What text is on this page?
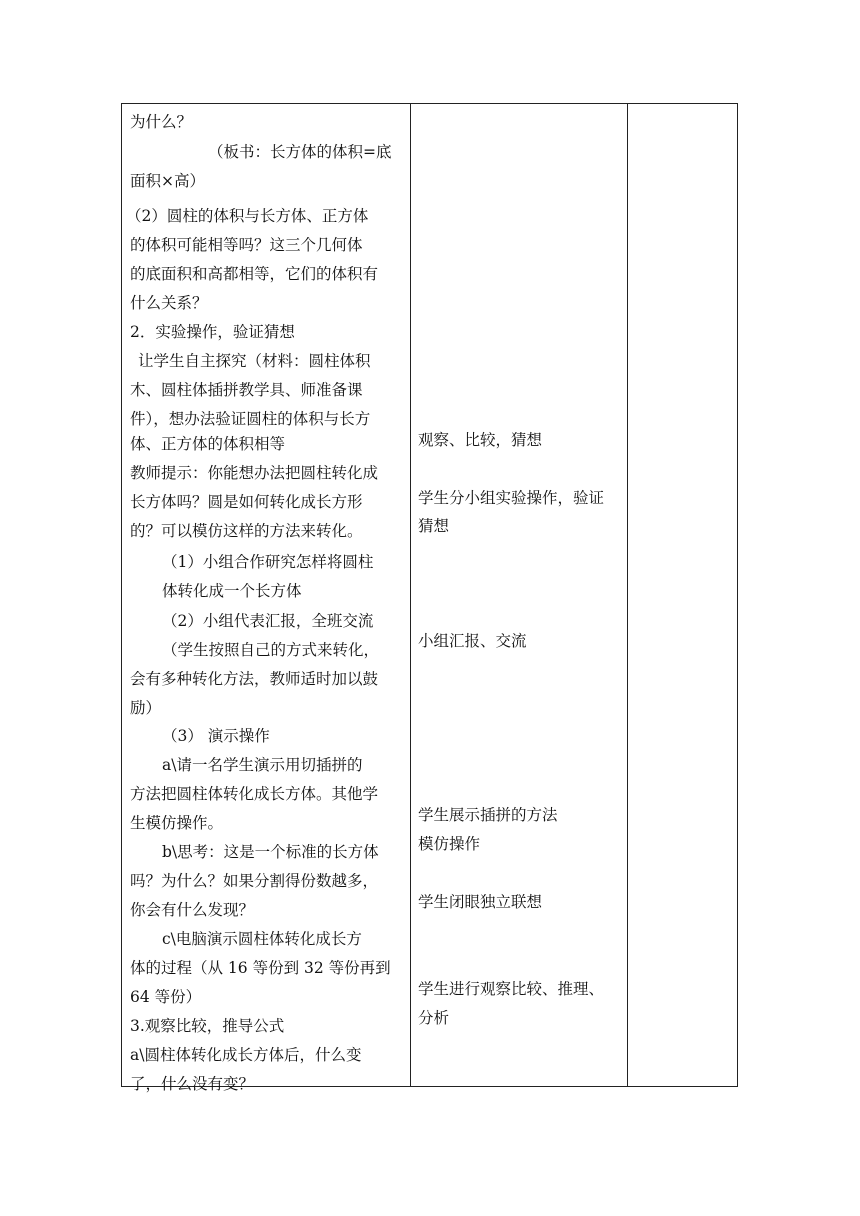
为什么？
（板书：长方体的体积=底
面积×高）
（2）圆柱的体积与长方体、正方体
的体积可能相等吗？这三个几何体
的底面积和高都相等，它们的体积有
什么关系？
2．实验操作，验证猜想
让学生自主探究（材料：圆柱体积
木、圆柱体插拼教学具、师准备课
件），想办法验证圆柱的体积与长方
体、正方体的体积相等
教师提示：你能想办法把圆柱转化成
长方体吗？圆是如何转化成长方形
的？可以模仿这样的方法来转化。
（1）小组合作研究怎样将圆柱
体转化成一个长方体
（2）小组代表汇报，全班交流
（学生按照自己的方式来转化，
会有多种转化方法，教师适时加以鼓
励）
（3） 演示操作
a\请一名学生演示用切插拼的
方法把圆柱体转化成长方体。其他学
生模仿操作。
b\思考：这是一个标准的长方体
吗？为什么？如果分割得份数越多，
你会有什么发现？
c\电脑演示圆柱体转化成长方
体的过程（从 16 等份到 32 等份再到
64 等份）
3.观察比较，推导公式
a\圆柱体转化成长方体后，什么变
了，什么没有变？
观察、比较，猜想
学生分小组实验操作，验证
猜想
小组汇报、交流
学生展示插拼的方法
模仿操作
学生闭眼独立联想
学生进行观察比较、推理、
分析
